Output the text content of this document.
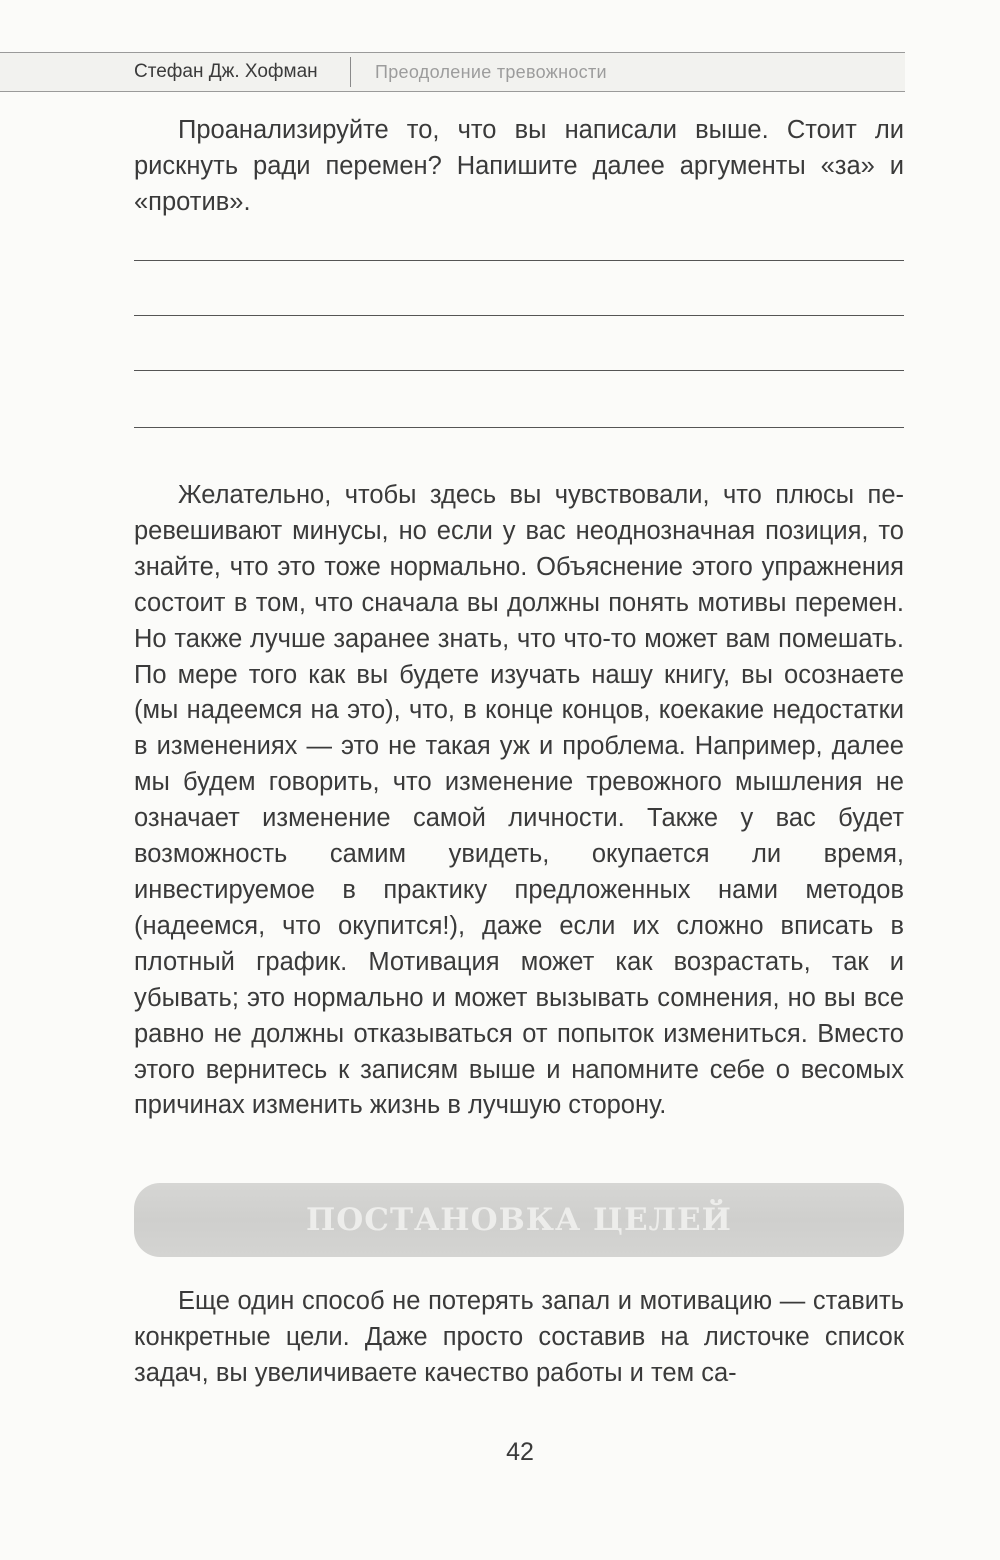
Стефан Дж. Хофман	Преодоление тревожности

Проанализируйте то, что вы написали выше. Стоит ли рискнуть ради перемен? Напишите далее аргументы «за» и «против».

Желательно, чтобы здесь вы чувствовали, что плюсы перевешивают минусы, но если у вас неоднозначная позиция, то знайте, что это тоже нормально. Объяснение этого упражнения состоит в том, что сначала вы должны понять мотивы перемен. Но также лучше заранее знать, что что-то может вам помешать. По мере того как вы будете изучать нашу книгу, вы осознаете (мы надеемся на это), что, в конце концов, коекакие недостатки в изменениях — это не такая уж и проблема. Например, далее мы будем говорить, что изменение тревожного мышления не означает изменение самой личности. Также у вас будет возможность самим увидеть, окупается ли время, инвестируемое в практику предложенных нами методов (надеемся, что окупится!), даже если их сложно вписать в плотный график. Мотивация может как возрастать, так и убывать; это нормально и может вызывать сомнения, но вы все равно не должны отказываться от попыток измениться. Вместо этого вернитесь к записям выше и напомните себе о весомых причинах изменить жизнь в лучшую сторону.

ПОСТАНОВКА ЦЕЛЕЙ

Еще один способ не потерять запал и мотивацию — ставить конкретные цели. Даже просто составив на листочке список задач, вы увеличиваете качество работы и тем са-

42
